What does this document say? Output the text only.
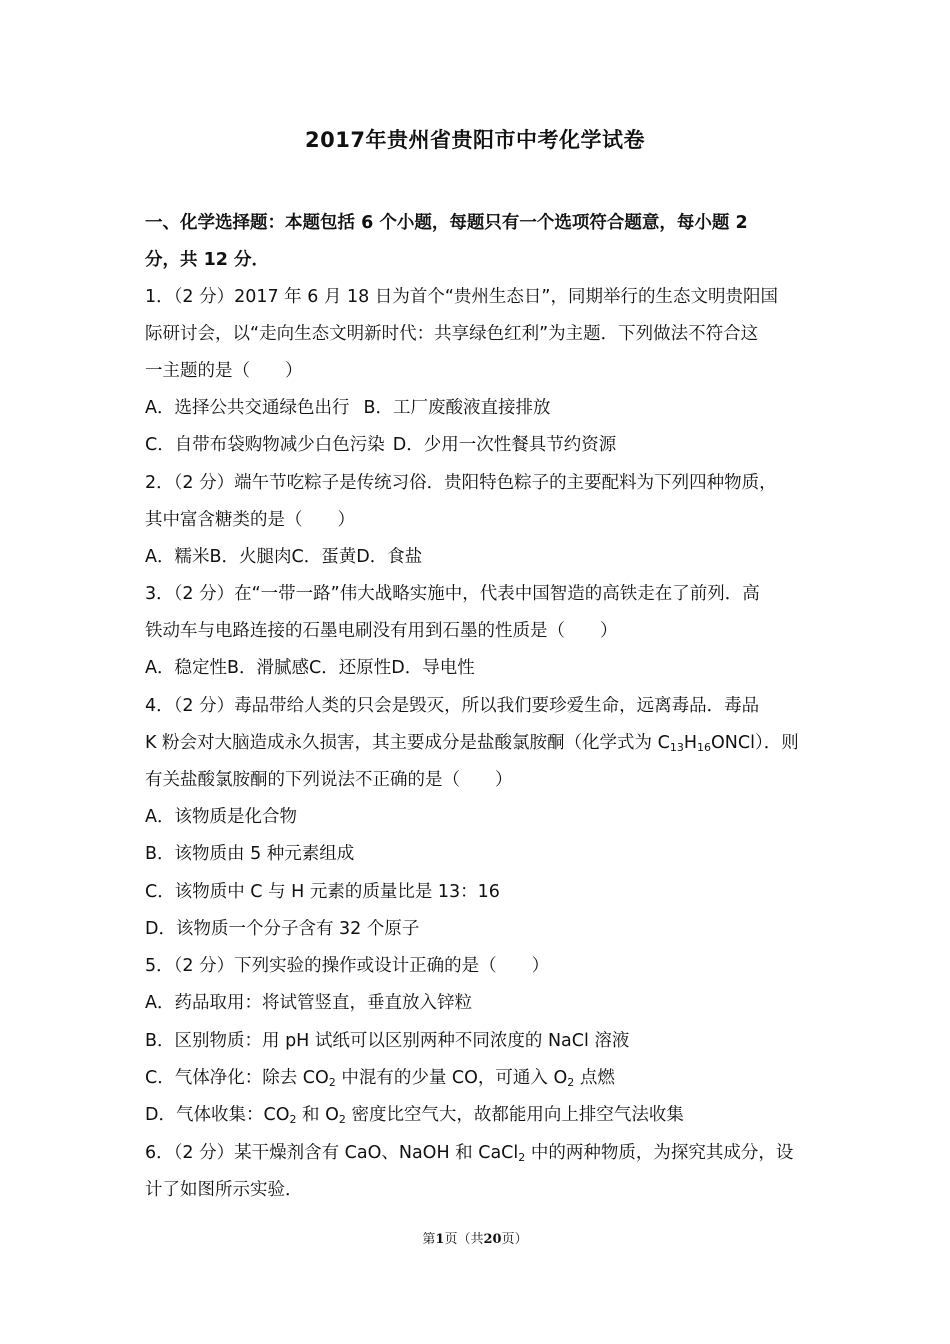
2017年贵州省贵阳市中考化学试卷
一、化学选择题：本题包括 6 个小题，每题只有一个选项符合题意，每小题 2
分，共 12 分．
1．（2 分）2017 年 6 月 18 日为首个“贵州生态日”，同期举行的生态文明贵阳国
际研讨会，以“走向生态文明新时代：共享绿色红利”为主题．下列做法不符合这
一主题的是（　　）
A．选择公共交通绿色出行 B．工厂废酸液直接排放
C．自带布袋购物减少白色污染 D．少用一次性餐具节约资源
2．（2 分）端午节吃粽子是传统习俗．贵阳特色粽子的主要配料为下列四种物质，
其中富含糖类的是（　　）
A．糯米B．火腿肉C．蛋黄D．食盐
3．（2 分）在“一带一路”伟大战略实施中，代表中国智造的高铁走在了前列．高
铁动车与电路连接的石墨电刷没有用到石墨的性质是（　　）
A．稳定性B．滑腻感C．还原性D．导电性
4．（2 分）毒品带给人类的只会是毁灭，所以我们要珍爱生命，远离毒品．毒品
K 粉会对大脑造成永久损害，其主要成分是盐酸氯胺酮（化学式为 $C_{13}H_{16}ONCl$）．则
有关盐酸氯胺酮的下列说法不正确的是（　　）
A．该物质是化合物
B．该物质由 5 种元素组成
C．该物质中 C 与 H 元素的质量比是 13：16
D．该物质一个分子含有 32 个原子
5．（2 分）下列实验的操作或设计正确的是（　　）
A．药品取用：将试管竖直，垂直放入锌粒
B．区别物质：用 pH 试纸可以区别两种不同浓度的 NaCl 溶液
C．气体净化：除去 $CO_2$ 中混有的少量 CO，可通入 $O_2$ 点燃
D．气体收集：$CO_2$ 和 $O_2$ 密度比空气大，故都能用向上排空气法收集
6．（2 分）某干燥剂含有 CaO、NaOH 和 CaCl$_2$ 中的两种物质，为探究其成分，设
计了如图所示实验．
第1页（共20页）
